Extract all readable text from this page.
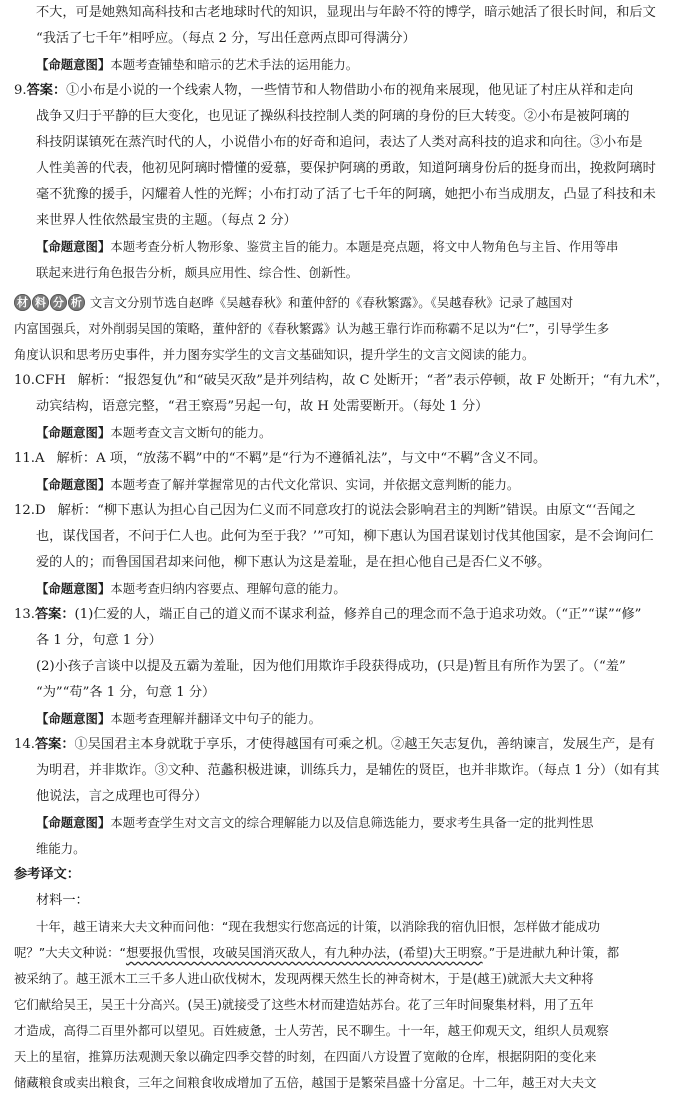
不大，可是她熟知高科技和古老地球时代的知识，显现出与年龄不符的博学，暗示她活了很长时间，和后文
“我活了七千年”相呼应。（每点 2 分，写出任意两点即可得满分）
【命题意图】本题考查铺垫和暗示的艺术手法的运用能力。
9.答案：①小布是小说的一个线索人物，一些情节和人物借助小布的视角来展现，他见证了村庄从祥和走向
战争又归于平静的巨大变化，也见证了操纵科技控制人类的阿璃的身份的巨大转变。②小布是被阿璃的
科技阴谋镇死在蒸汽时代的人，小说借小布的好奇和追问，表达了人类对高科技的追求和向往。③小布是
人性美善的代表，他初见阿璃时懵懂的爱慕，要保护阿璃的勇敢，知道阿璃身份后的挺身而出，挽救阿璃时
毫不犹豫的援手，闪耀着人性的光辉；小布打动了活了七千年的阿璃，她把小布当成朋友，凸显了科技和未
来世界人性依然最宝贵的主题。（每点 2 分）
【命题意图】本题考查分析人物形象、鉴赏主旨的能力。本题是亮点题，将文中人物角色与主旨、作用等串
联起来进行角色报告分析，颇具应用性、综合性、创新性。
材 料 分 析 文言文分别节选自赵晔《吴越春秋》和董仲舒的《春秋繁露》。《吴越春秋》记录了越国对
内富国强兵，对外削弱吴国的策略，董仲舒的《春秋繁露》认为越王靠行诈而称霸不足以为“仁”，引导学生多
角度认识和思考历史事件，并力图夯实学生的文言文基础知识，提升学生的文言文阅读的能力。
10.CFH 解析：“报怨复仇”和“破吴灭敌”是并列结构，故 C 处断开；“者”表示停顿，故 F 处断开；“有九术”，
动宾结构，语意完整，“君王察焉”另起一句，故 H 处需要断开。（每处 1 分）
【命题意图】本题考查文言文断句的能力。
11.A 解析：A 项，“放荡不羁”中的“不羁”是“行为不遵循礼法”，与文中“不羁”含义不同。
【命题意图】本题考查了解并掌握常见的古代文化常识、实词，并依据文意判断的能力。
12.D 解析：“柳下惠认为担心自己因为仁义而不同意攻打的说法会影响君主的判断”错误。由原文“‘吾闻之
也，谋伐国者，不问于仁人也。此何为至于我？’”可知，柳下惠认为国君谋划讨伐其他国家，是不会询问仁
爱的人的；而鲁国国君却来问他，柳下惠认为这是羞耻，是在担心他自己是否仁义不够。
【命题意图】本题考查归纳内容要点、理解句意的能力。
13.答案：(1)仁爱的人，端正自己的道义而不谋求利益，修养自己的理念而不急于追求功效。（“正”“谋”“修”
各 1 分，句意 1 分）
(2)小孩子言谈中以提及五霸为羞耻，因为他们用欺诈手段获得成功，(只是)暂且有所作为罢了。（“羞”
“为”“苟”各 1 分，句意 1 分）
【命题意图】本题考查理解并翻译文中句子的能力。
14.答案：①吴国君主本身就耽于享乐，才使得越国有可乘之机。②越王矢志复仇，善纳谏言，发展生产，是有
为明君，并非欺诈。③文种、范蠡积极进谏，训练兵力，是辅佐的贤臣，也并非欺诈。（每点 1 分）（如有其
他说法，言之成理也可得分）
【命题意图】本题考查学生对文言文的综合理解能力以及信息筛选能力，要求考生具备一定的批判性思
维能力。
参考译文：
材料一：
十年，越王请来大夫文种而问他：“现在我想实行您高远的计策，以消除我的宿仇旧恨，怎样做才能成功
呢？”大夫文种说：“想要报仇雪恨，攻破吴国消灭敌人，有九种办法，(希望)大王明察。”于是进献九种计策，都
被采纳了。越王派木工三千多人进山砍伐树木，发现两棵天然生长的神奇树木，于是(越王)就派大夫文种将
它们献给吴王，吴王十分高兴。(吴王)就接受了这些木材而建造姑苏台。花了三年时间聚集材料，用了五年
才造成，高得二百里外都可以望见。百姓疲惫，士人劳苦，民不聊生。十一年，越王仰观天文，组织人员观察
天上的星宿，推算历法观测天象以确定四季交替的时刻，在四面八方设置了宽敞的仓库，根据阴阳的变化来
储藏粮食或卖出粮食，三年之间粮食收成增加了五倍，越国于是繁荣昌盛十分富足。十二年，越王对大夫文
